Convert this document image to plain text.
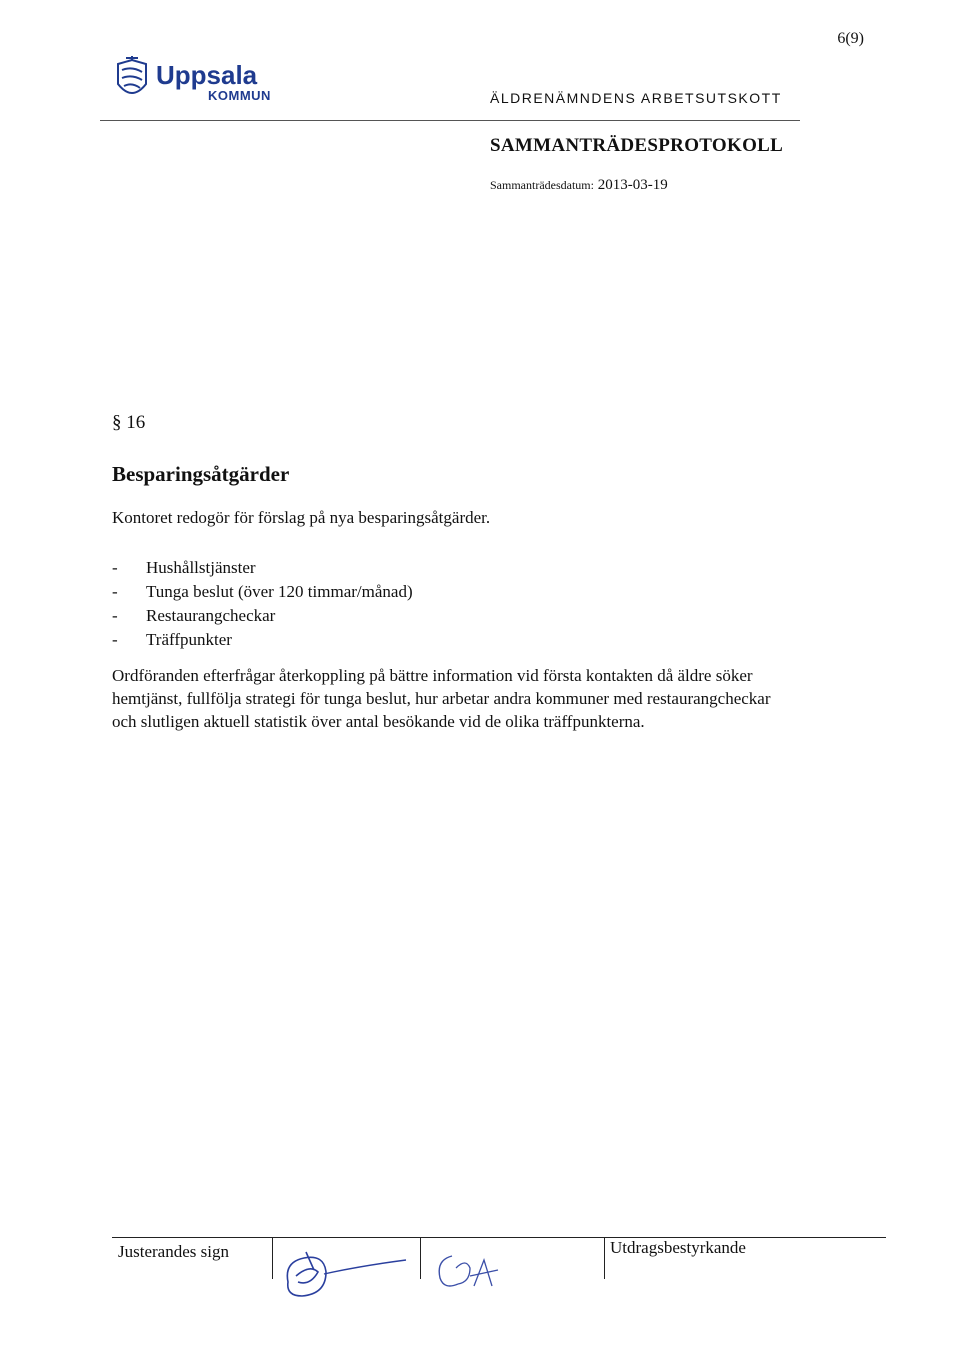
6(9)
Uppsala
KOMMUN	ÄLDRENÄMNDENS ARBETSUTSKOTT
SAMMANTRÄDESPROTOKOLL
Sammanträdesdatum: 2013-03-19
§ 16
Besparingsåtgärder
Kontoret redogör för förslag på nya besparingsåtgärder.
- Hushållstjänster
- Tunga beslut (över 120 timmar/månad)
- Restaurangcheckar
- Träffpunkter

Ordföranden efterfrågar återkoppling på bättre information vid första kontakten då äldre söker

hemtjänst, fullfölja strategi för tunga beslut, hur arbetar andra kommuner med restaurangcheckar

och slutligen aktuell statistik över antal besökande vid de olika träffpunkterna.

Justerandes sign	Utdragsbestyrkande
